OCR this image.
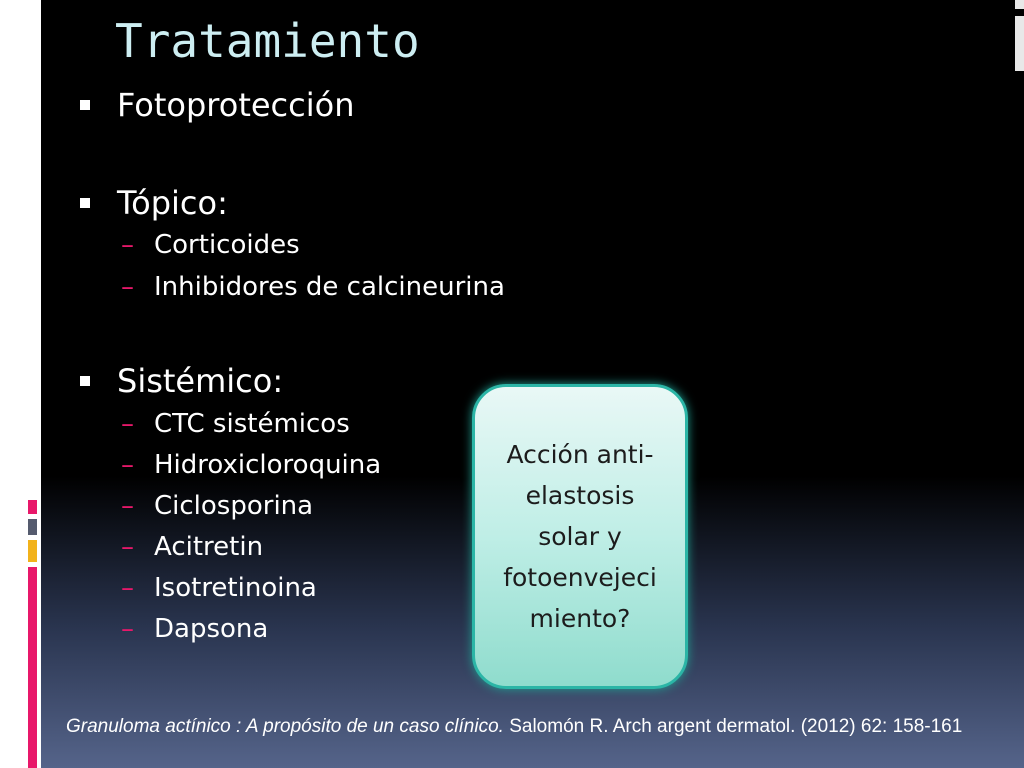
Tratamiento
Fotoprotección
Tópico:
– Corticoides
– Inhibidores de calcineurina
Sistémico:
– CTC sistémicos
– Hidroxicloroquina
– Ciclosporina
– Acitretin
– Isotretinoina
– Dapsona
Acción anti-
elastosis
solar y
fotoenvejeci
miento?
Granuloma actínico : A propósito de un caso clínico. Salomón R. Arch argent dermatol. (2012) 62: 158-161
